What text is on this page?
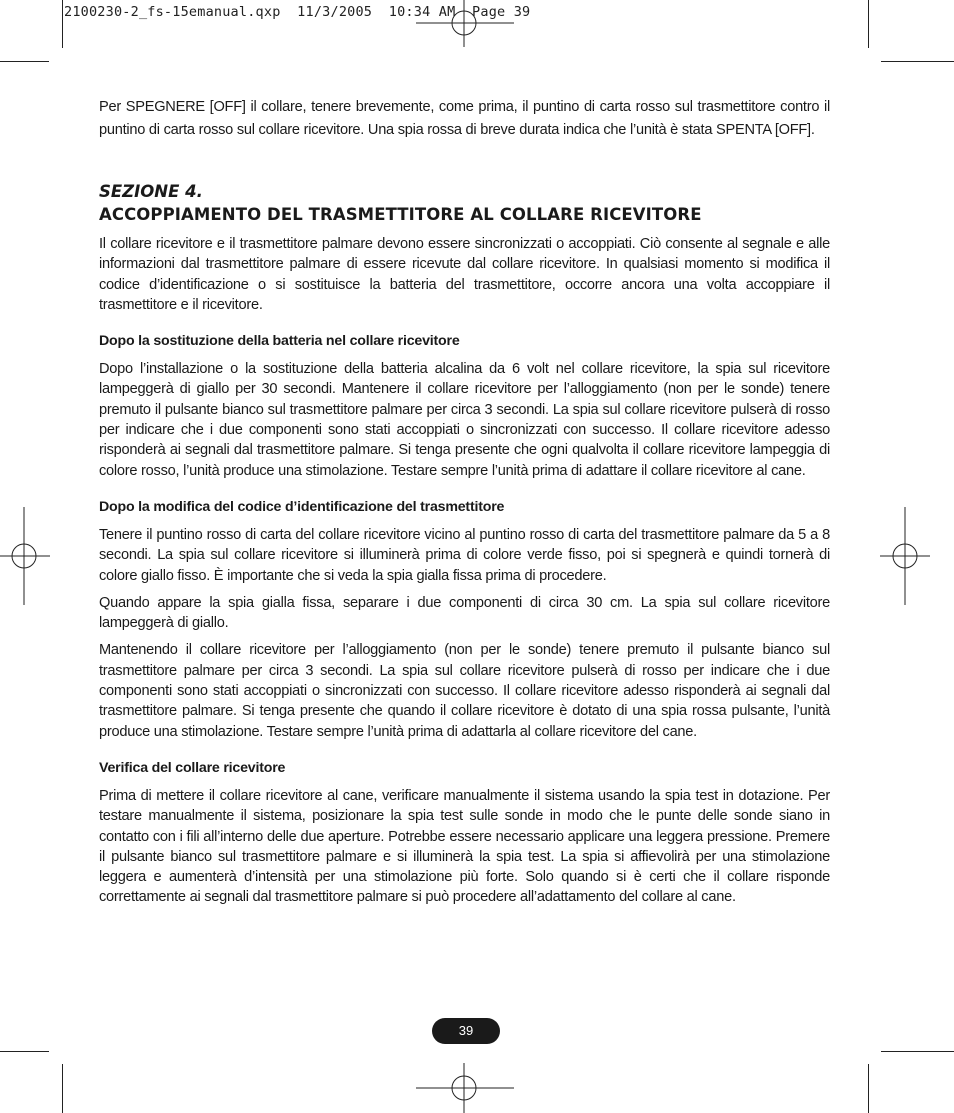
2100230-2_fs-15emanual.qxp  11/3/2005  10:34 AM  Page 39

Per SPEGNERE [OFF] il collare, tenere brevemente, come prima, il puntino di carta rosso sul trasmettitore contro il puntino di carta rosso sul collare ricevitore. Una spia rossa di breve durata indica che l’unità è stata SPENTA [OFF].

SEZIONE 4.
ACCOPPIAMENTO DEL TRASMETTITORE AL COLLARE RICEVITORE

Il collare ricevitore e il trasmettitore palmare devono essere sincronizzati o accoppiati. Ciò consente al segnale e alle informazioni dal trasmettitore palmare di essere ricevute dal collare ricevitore. In qualsiasi momento si modifica il codice d’identificazione o si sostituisce la batteria del trasmettitore, occorre ancora una volta accoppiare il trasmettitore e il ricevitore.

Dopo la sostituzione della batteria nel collare ricevitore

Dopo l’installazione o la sostituzione della batteria alcalina da 6 volt nel collare ricevitore, la spia sul ricevitore lampeggerà di giallo per 30 secondi. Mantenere il collare ricevitore per l’alloggiamento (non per le sonde) tenere premuto il pulsante bianco sul trasmettitore palmare per circa 3 secondi. La spia sul collare ricevitore pulserà di rosso per indicare che i due componenti sono stati accoppiati o sincronizzati con successo. Il collare ricevitore adesso risponderà ai segnali dal trasmettitore palmare. Si tenga presente che ogni qualvolta il collare ricevitore lampeggia di colore rosso, l’unità produce una stimolazione. Testare sempre l’unità prima di adattare il collare ricevitore al cane.

Dopo la modifica del codice d’identificazione del trasmettitore

Tenere il puntino rosso di carta del collare ricevitore vicino al puntino rosso di carta del trasmettitore palmare da 5 a 8 secondi. La spia sul collare ricevitore si illuminerà prima di colore verde fisso, poi si spegnerà e quindi tornerà di colore giallo fisso. È importante che si veda la spia gialla fissa prima di procedere.

Quando appare la spia gialla fissa, separare i due componenti di circa 30 cm. La spia sul collare ricevitore lampeggerà di giallo.

Mantenendo il collare ricevitore per l’alloggiamento (non per le sonde) tenere premuto il pulsante bianco sul trasmettitore palmare per circa 3 secondi. La spia sul collare ricevitore pulserà di rosso per indicare che i due componenti sono stati accoppiati o sincronizzati con successo. Il collare ricevitore adesso risponderà ai segnali dal trasmettitore palmare. Si tenga presente che quando il collare ricevitore è dotato di una spia rossa pulsante, l’unità produce una stimolazione. Testare sempre l’unità prima di adattarla al collare ricevitore del cane.

Verifica del collare ricevitore

Prima di mettere il collare ricevitore al cane, verificare manualmente il sistema usando la spia test in dotazione. Per testare manualmente il sistema, posizionare la spia test sulle sonde in modo che le punte delle sonde siano in contatto con i fili all’interno delle due aperture. Potrebbe essere necessario applicare una leggera pressione. Premere il pulsante bianco sul trasmettitore palmare e si illuminerà la spia test. La spia si affievolirà per una stimolazione leggera e aumenterà d’intensità per una stimolazione più forte. Solo quando si è certi che il collare risponde correttamente ai segnali dal trasmettitore palmare si può procedere all’adattamento del collare al cane.

39
